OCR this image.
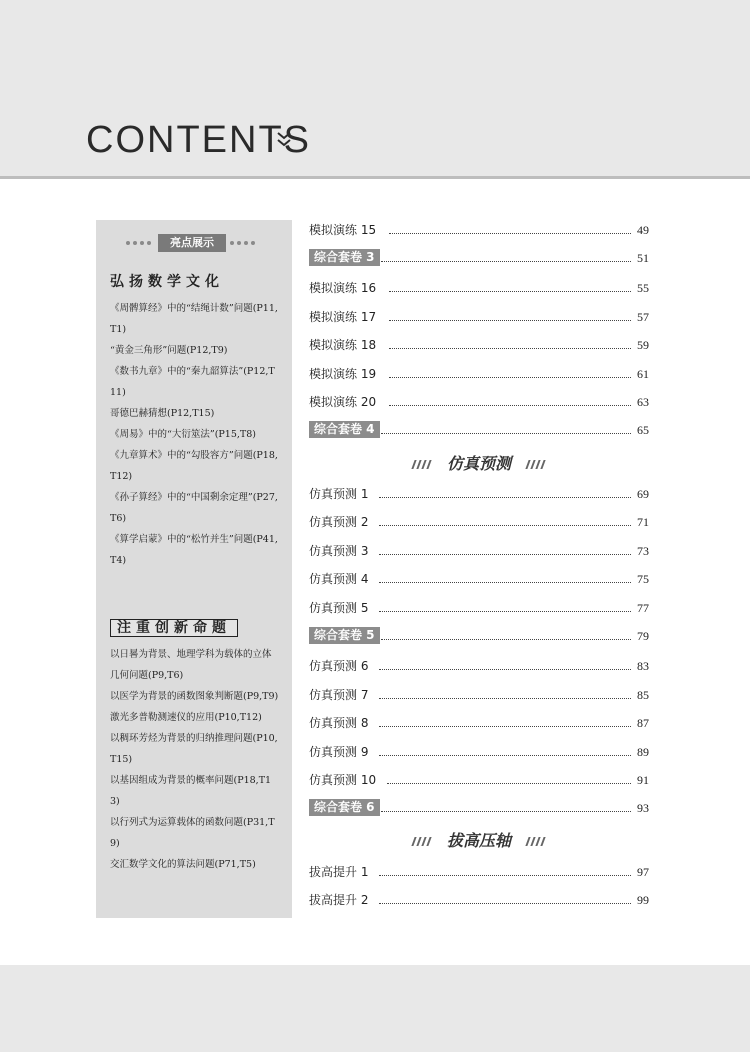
CONTENTS
亮点展示
弘扬数学文化
《周髀算经》中的“结绳计数”问题(P11,T1)
“黄金三角形”问题(P12,T9)
《数书九章》中的“秦九韶算法”(P12,T11)
哥德巴赫猜想(P12,T15)
《周易》中的“大衍筮法”(P15,T8)
《九章算术》中的“勾股容方”问题(P18,T12)
《孙子算经》中的“中国剩余定理”(P27,T6)
《算学启蒙》中的“松竹并生”问题(P41,T4)
注重创新命题
以日晷为背景、地理学科为载体的立体几何问题(P9,T6)
以医学为背景的函数图象判断题(P9,T9)
激光多普勒测速仪的应用(P10,T12)
以稠环芳烃为背景的归纳推理问题(P10,T15)
以基因组成为背景的概率问题(P18,T13)
以行列式为运算载体的函数问题(P31,T9)
交汇数学文化的算法问题(P71,T5)
模拟演练 15	49
综合套卷 3	51
模拟演练 16	55
模拟演练 17	57
模拟演练 18	59
模拟演练 19	61
模拟演练 20	63
综合套卷 4	65
仿真预测
仿真预测 1	69
仿真预测 2	71
仿真预测 3	73
仿真预测 4	75
仿真预测 5	77
综合套卷 5	79
仿真预测 6	83
仿真预测 7	85
仿真预测 8	87
仿真预测 9	89
仿真预测 10	91
综合套卷 6	93
拔高压轴
拔高提升 1	97
拔高提升 2	99
